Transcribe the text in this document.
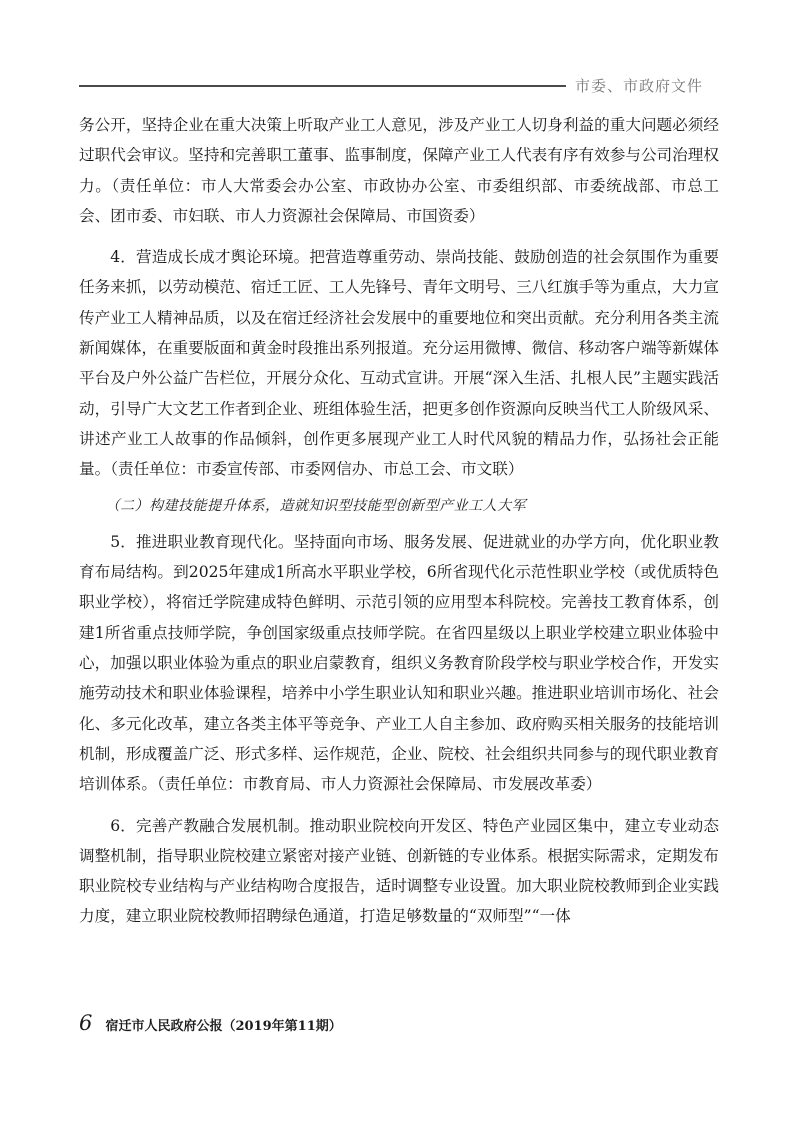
市委、市政府文件

务公开，坚持企业在重大决策上听取产业工人意见，涉及产业工人切身利益的重大问题必须经过职代会审议。坚持和完善职工董事、监事制度，保障产业工人代表有序有效参与公司治理权力。（责任单位：市人大常委会办公室、市政协办公室、市委组织部、市委统战部、市总工会、团市委、市妇联、市人力资源社会保障局、市国资委）

4．营造成长成才舆论环境。把营造尊重劳动、崇尚技能、鼓励创造的社会氛围作为重要任务来抓，以劳动模范、宿迁工匠、工人先锋号、青年文明号、三八红旗手等为重点，大力宣传产业工人精神品质，以及在宿迁经济社会发展中的重要地位和突出贡献。充分利用各类主流新闻媒体，在重要版面和黄金时段推出系列报道。充分运用微博、微信、移动客户端等新媒体平台及户外公益广告栏位，开展分众化、互动式宣讲。开展“深入生活、扎根人民”主题实践活动，引导广大文艺工作者到企业、班组体验生活，把更多创作资源向反映当代工人阶级风采、讲述产业工人故事的作品倾斜，创作更多展现产业工人时代风貌的精品力作，弘扬社会正能量。（责任单位：市委宣传部、市委网信办、市总工会、市文联）

（二）构建技能提升体系，造就知识型技能型创新型产业工人大军

5．推进职业教育现代化。坚持面向市场、服务发展、促进就业的办学方向，优化职业教育布局结构。到2025年建成1所高水平职业学校，6所省现代化示范性职业学校（或优质特色职业学校），将宿迁学院建成特色鲜明、示范引领的应用型本科院校。完善技工教育体系，创建1所省重点技师学院，争创国家级重点技师学院。在省四星级以上职业学校建立职业体验中心，加强以职业体验为重点的职业启蒙教育，组织义务教育阶段学校与职业学校合作，开发实施劳动技术和职业体验课程，培养中小学生职业认知和职业兴趣。推进职业培训市场化、社会化、多元化改革，建立各类主体平等竞争、产业工人自主参加、政府购买相关服务的技能培训机制，形成覆盖广泛、形式多样、运作规范，企业、院校、社会组织共同参与的现代职业教育培训体系。（责任单位：市教育局、市人力资源社会保障局、市发展改革委）

6．完善产教融合发展机制。推动职业院校向开发区、特色产业园区集中，建立专业动态调整机制，指导职业院校建立紧密对接产业链、创新链的专业体系。根据实际需求，定期发布职业院校专业结构与产业结构吻合度报告，适时调整专业设置。加大职业院校教师到企业实践力度，建立职业院校教师招聘绿色通道，打造足够数量的“双师型”“一体

6 宿迁市人民政府公报（2019年第11期）
